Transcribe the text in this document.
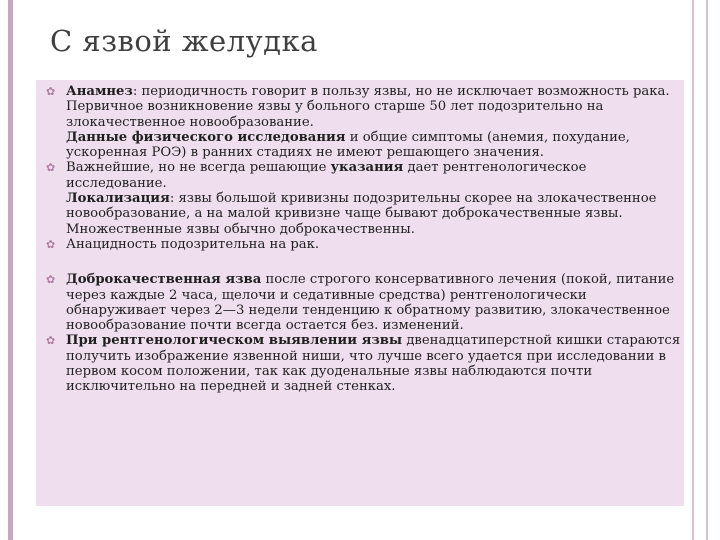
С язвой желудка
✿ Анамнез: периодичность говорит в пользу язвы, но не исключает возможность рака. Первичное возникновение язвы у больного старше 50 лет подозрительно на злокачественное новообразование.
Данные физического исследования и общие симптомы (анемия, похудание, ускоренная РОЭ) в ранних стадиях не имеют решающего значения.
✿ Важнейшие, но не всегда решающие указания дает рентгенологическое исследование.
Локализация: язвы большой кривизны подозрительны скорее на злокачественное новообразование, а на малой кривизне чаще бывают доброкачественные язвы. Множественные язвы обычно доброкачественны.
✿ Анацидность подозрительна на рак.
✿ Доброкачественная язва после строгого консервативного лечения (покой, питание через каждые 2 часа, щелочи и седативные средства) рентгенологически обнаруживает через 2—3 недели тенденцию к обратному развитию, злокачественное новообразование почти всегда остается без. изменений.
✿ При рентгенологическом выявлении язвы двенадцатиперстной кишки стараются получить изображение язвенной ниши, что лучше всего удается при исследовании в первом косом положении, так как дуоденальные язвы наблюдаются почти исключительно на передней и задней стенках.
